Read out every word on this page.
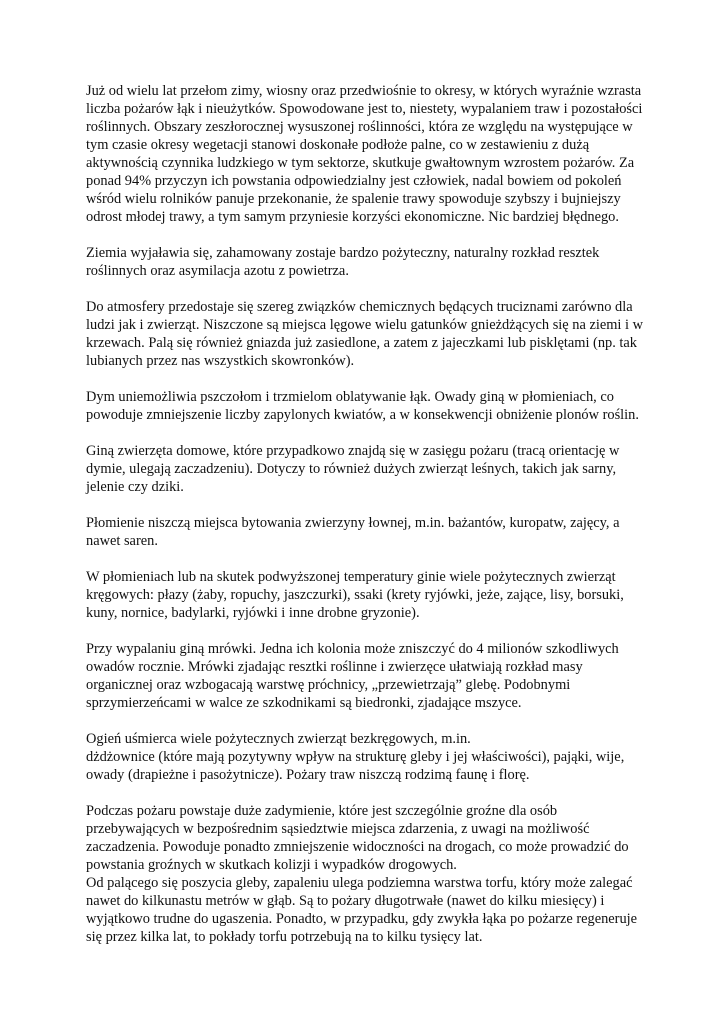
Już od wielu lat przełom zimy, wiosny oraz przedwiośnie to okresy, w których wyraźnie wzrasta liczba pożarów łąk i nieużytków. Spowodowane jest to, niestety, wypalaniem traw i pozostałości roślinnych. Obszary zeszłorocznej wysuszonej roślinności, która ze względu na występujące w tym czasie okresy wegetacji stanowi doskonałe podłoże palne, co w zestawieniu z dużą aktywnością czynnika ludzkiego w tym sektorze, skutkuje gwałtownym wzrostem pożarów. Za ponad 94% przyczyn ich powstania odpowiedzialny jest człowiek, nadal bowiem od pokoleń wśród wielu rolników panuje przekonanie, że spalenie trawy spowoduje szybszy i bujniejszy odrost młodej trawy, a tym samym przyniesie korzyści ekonomiczne. Nic bardziej błędnego.

Ziemia wyjaławia się, zahamowany zostaje bardzo pożyteczny, naturalny rozkład resztek roślinnych oraz asymilacja azotu z powietrza.

Do atmosfery przedostaje się szereg związków chemicznych będących truciznami zarówno dla ludzi jak i zwierząt. Niszczone są miejsca lęgowe wielu gatunków gnieżdżących się na ziemi i w krzewach. Palą się również gniazda już zasiedlone, a zatem z jajeczkami lub pisklętami (np. tak lubianych przez nas wszystkich skowronków).

Dym uniemożliwia pszczołom i trzmielom oblatywanie łąk. Owady giną w płomieniach, co powoduje zmniejszenie liczby zapylonych kwiatów, a w konsekwencji obniżenie plonów roślin.

Giną zwierzęta domowe, które przypadkowo znajdą się w zasięgu pożaru (tracą orientację w dymie, ulegają zaczadzeniu). Dotyczy to również dużych zwierząt leśnych, takich jak sarny, jelenie czy dziki.

Płomienie niszczą miejsca bytowania zwierzyny łownej, m.in. bażantów, kuropatw, zajęcy, a nawet saren.

W płomieniach lub na skutek podwyższonej temperatury ginie wiele pożytecznych zwierząt kręgowych: płazy (żaby, ropuchy, jaszczurki), ssaki (krety ryjówki, jeże, zające, lisy, borsuki, kuny, nornice, badylarki, ryjówki i inne drobne gryzonie).

Przy wypalaniu giną mrówki. Jedna ich kolonia może zniszczyć do 4 milionów szkodliwych owadów rocznie. Mrówki zjadając resztki roślinne i zwierzęce ułatwiają rozkład masy organicznej oraz wzbogacają warstwę próchnicy, „przewietrzają” glebę. Podobnymi sprzymierzeńcami w walce ze szkodnikami są biedronki, zjadające mszyce.

Ogień uśmierca wiele pożytecznych zwierząt bezkręgowych, m.in.

dżdżownice (które mają pozytywny wpływ na strukturę gleby i jej właściwości), pająki, wije, owady (drapieżne i pasożytnicze). Pożary traw niszczą rodzimą faunę i florę.

Podczas pożaru powstaje duże zadymienie, które jest szczególnie groźne dla osób przebywających w bezpośrednim sąsiedztwie miejsca zdarzenia, z uwagi na możliwość zaczadzenia. Powoduje ponadto zmniejszenie widoczności na drogach, co może prowadzić do powstania groźnych w skutkach kolizji i wypadków drogowych.

Od palącego się poszycia gleby, zapaleniu ulega podziemna warstwa torfu, który może zalegać nawet do kilkunastu metrów w głąb. Są to pożary długotrwałe (nawet do kilku miesięcy) i wyjątkowo trudne do ugaszenia. Ponadto, w przypadku, gdy zwykła łąka po pożarze regeneruje się przez kilka lat, to pokłady torfu potrzebują na to kilku tysięcy lat.
